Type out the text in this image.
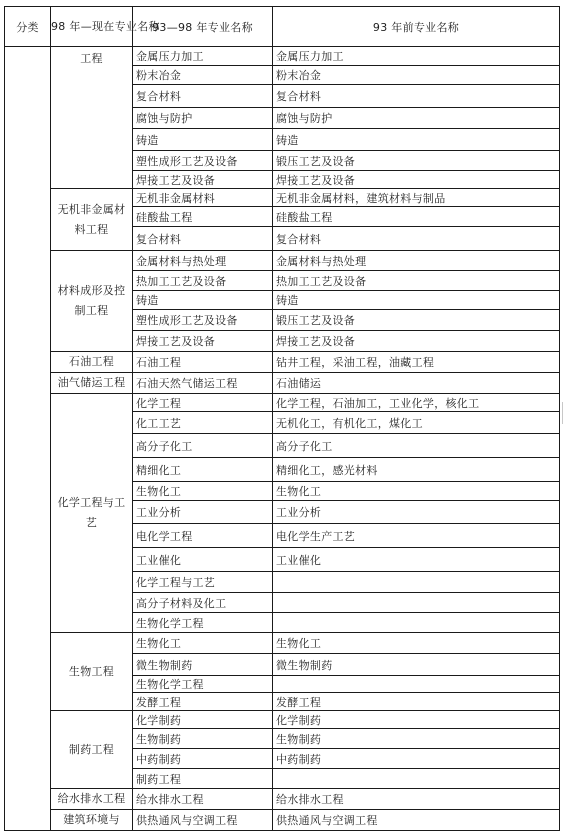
分类	98 年—现在专业名称	93—98 年专业名称	93 年前专业名称
	工程	金属压力加工	金属压力加工
		粉末冶金	粉末冶金
		复合材料	复合材料
		腐蚀与防护	腐蚀与防护
		铸造	铸造
		塑性成形工艺及设备	锻压工艺及设备
		焊接工艺及设备	焊接工艺及设备
	无机非金属材料工程	无机非金属材料	无机非金属材料，建筑材料与制品
		硅酸盐工程	硅酸盐工程
		复合材料	复合材料
	材料成形及控制工程	金属材料与热处理	金属材料与热处理
		热加工工艺及设备	热加工工艺及设备
		铸造	铸造
		塑性成形工艺及设备	锻压工艺及设备
		焊接工艺及设备	焊接工艺及设备
	石油工程	石油工程	钻井工程，采油工程，油藏工程
	油气储运工程	石油天然气储运工程	石油储运
	化学工程与工艺	化学工程	化学工程，石油加工，工业化学，核化工
		化工工艺	无机化工，有机化工，煤化工
		高分子化工	高分子化工
		精细化工	精细化工，感光材料
		生物化工	生物化工
		工业分析	工业分析
		电化学工程	电化学生产工艺
		工业催化	工业催化
		化学工程与工艺	
		高分子材料及化工	
		生物化学工程	
	生物工程	生物化工	生物化工
		微生物制药	微生物制药
		生物化学工程	
		发酵工程	发酵工程
	制药工程	化学制药	化学制药
		生物制药	生物制药
		中药制药	中药制药
		制药工程	
	给水排水工程	给水排水工程	给水排水工程
	建筑环境与	供热通风与空调工程	供热通风与空调工程
